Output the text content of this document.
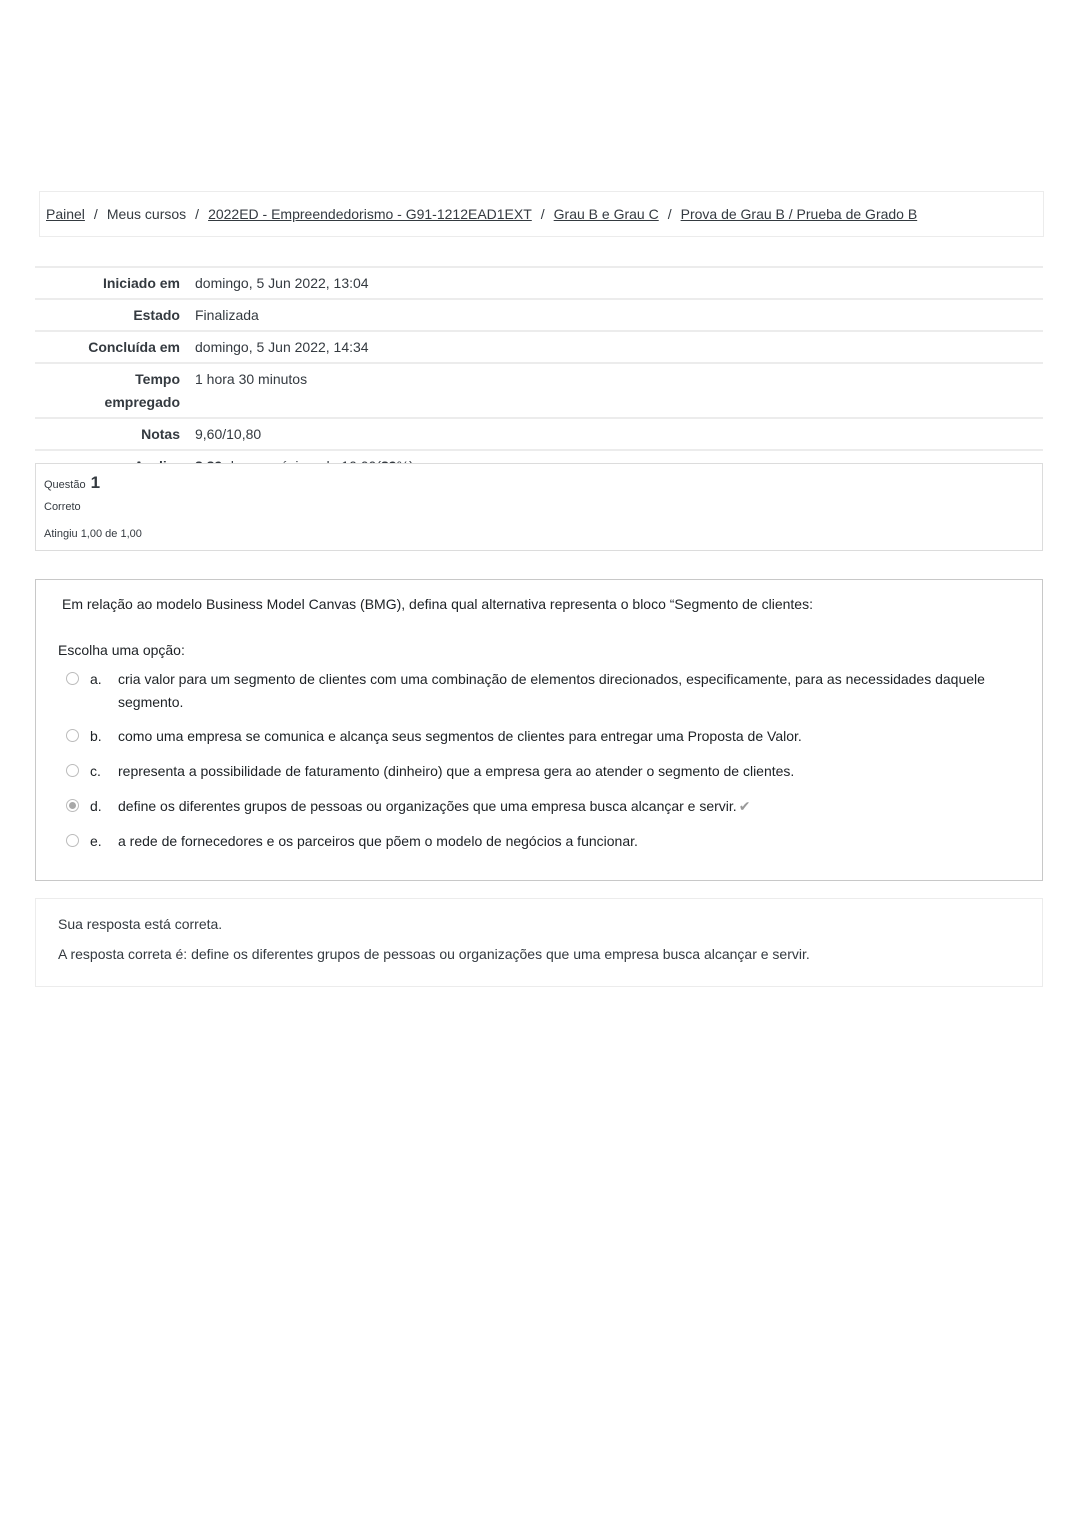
Painel / Meus cursos / 2022ED - Empreendedorismo - G91-1212EAD1EXT / Grau B e Grau C / Prova de Grau B / Prueba de Grado B
Iniciado em	domingo, 5 Jun 2022, 13:04
Estado	Finalizada
Concluída em	domingo, 5 Jun 2022, 14:34
Tempo
empregado	1 hora 30 minutos
Notas	9,60/10,80

Questão 1
Correto
Atingiu 1,00 de 1,00
Em relação ao modelo Business Model Canvas (BMG), defina qual alternativa representa o bloco “Segmento de clientes:
Escolha uma opção:
a. cria valor para um segmento de clientes com uma combinação de elementos direcionados, especificamente, para as necessidades daquele segmento.
b. como uma empresa se comunica e alcança seus segmentos de clientes para entregar uma Proposta de Valor.
c. representa a possibilidade de faturamento (dinheiro) que a empresa gera ao atender o segmento de clientes.
d. define os diferentes grupos de pessoas ou organizações que uma empresa busca alcançar e servir. ✔
e. a rede de fornecedores e os parceiros que põem o modelo de negócios a funcionar.
Sua resposta está correta.
A resposta correta é: define os diferentes grupos de pessoas ou organizações que uma empresa busca alcançar e servir.
